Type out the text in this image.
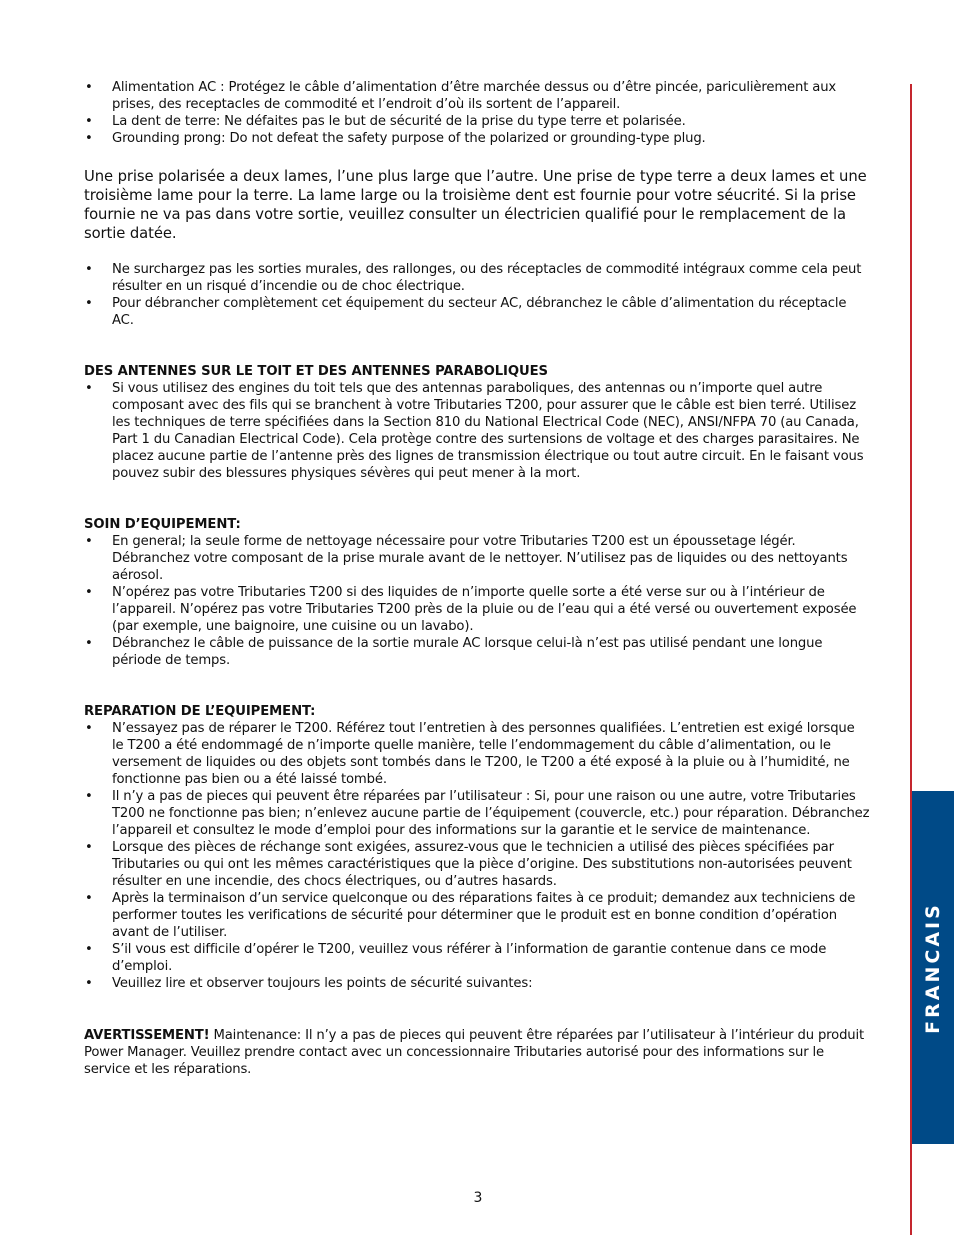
• Alimentation AC : Protégez le câble d’alimentation d’être marchée dessus ou d’être pincée, pariculièrement aux prises, des receptacles de commodité et l’endroit d’où ils sortent de l’appareil.
• La dent de terre: Ne défaites pas le but de sécurité de la prise du type terre et polarisée.
• Grounding prong: Do not defeat the safety purpose of the polarized or grounding-type plug.

Une prise polarisée a deux lames, l’une plus large que l’autre. Une prise de type terre a deux lames et une troisième lame pour la terre. La lame large ou la troisième dent est fournie pour votre séucrité. Si la prise fournie ne va pas dans votre sortie, veuillez consulter un électricien qualifié pour le remplacement de la sortie datée.

• Ne surchargez pas les sorties murales, des rallonges, ou des réceptacles de commodité intégraux comme cela peut résulter en un risqué d’incendie ou de choc électrique.
• Pour débrancher complètement cet équipement du secteur AC, débranchez le câble d’alimentation du réceptacle AC.
DES ANTENNES SUR LE TOIT ET DES ANTENNES PARABOLIQUES
• Si vous utilisez des engines du toit tels que des antennas paraboliques, des antennas ou n’importe quel autre composant avec des fils qui se branchent à votre Tributaries T200, pour assurer que le câble est bien terré. Utilisez les techniques de terre spécifiées dans la Section 810 du National Electrical Code (NEC), ANSI/NFPA 70 (au Canada, Part 1 du Canadian Electrical Code). Cela protège contre des surtensions de voltage et des charges parasitaires. Ne placez aucune partie de l’antenne près des lignes de transmission électrique ou tout autre circuit. En le faisant vous pouvez subir des blessures physiques sévères qui peut mener à la mort.
SOIN D’EQUIPEMENT:
• En general; la seule forme de nettoyage nécessaire pour votre Tributaries T200 est un époussetage légér. Débranchez votre composant de la prise murale avant de le nettoyer. N’utilisez pas de liquides ou des nettoyants aérosol.
• N’opérez pas votre Tributaries T200 si des liquides de n’importe quelle sorte a été verse sur ou à l’intérieur de l’appareil. N’opérez pas votre Tributaries T200 près de la pluie ou de l’eau qui a été versé ou ouvertement exposée (par exemple, une baignoire, une cuisine ou un lavabo).
• Débranchez le câble de puissance de la sortie murale AC lorsque celui-là n’est pas utilisé pendant une longue période de temps.
REPARATION DE L’EQUIPEMENT:
• N’essayez pas de réparer le T200. Référez tout l’entretien à des personnes qualifiées. L’entretien est exigé lorsque le T200 a été endommagé de n’importe quelle manière, telle l’endommagement du câble d’alimentation, ou le versement de liquides ou des objets sont tombés dans le T200, le T200 a été exposé à la pluie ou à l’humidité, ne fonctionne pas bien ou a été laissé tombé.
• Il n’y a pas de pieces qui peuvent être réparées par l’utilisateur : Si, pour une raison ou une autre, votre Tributaries T200 ne fonctionne pas bien; n’enlevez aucune partie de l’équipement (couvercle, etc.) pour réparation. Débranchez l’appareil et consultez le mode d’emploi pour des informations sur la garantie et le service de maintenance.
• Lorsque des pièces de réchange sont exigées, assurez-vous que le technicien a utilisé des pièces spécifiées par Tributaries ou qui ont les mêmes caractéristiques que la pièce d’origine. Des substitutions non-autorisées peuvent résulter en une incendie, des chocs électriques, ou d’autres hasards.
• Après la terminaison d’un service quelconque ou des réparations faites à ce produit; demandez aux techniciens de performer toutes les verifications de sécurité pour déterminer que le produit est en bonne condition d’opération avant de l’utiliser.
• S’il vous est difficile d’opérer le T200, veuillez vous référer à l’information de garantie contenue dans ce mode d’emploi.
• Veuillez lire et observer toujours les points de sécurité suivantes:

AVERTISSEMENT! Maintenance: Il n’y a pas de pieces qui peuvent être réparées par l’utilisateur à l’intérieur du produit Power Manager. Veuillez prendre contact avec un concessionnaire Tributaries autorisé pour des informations sur le service et les réparations.

FRANCAIS
3
